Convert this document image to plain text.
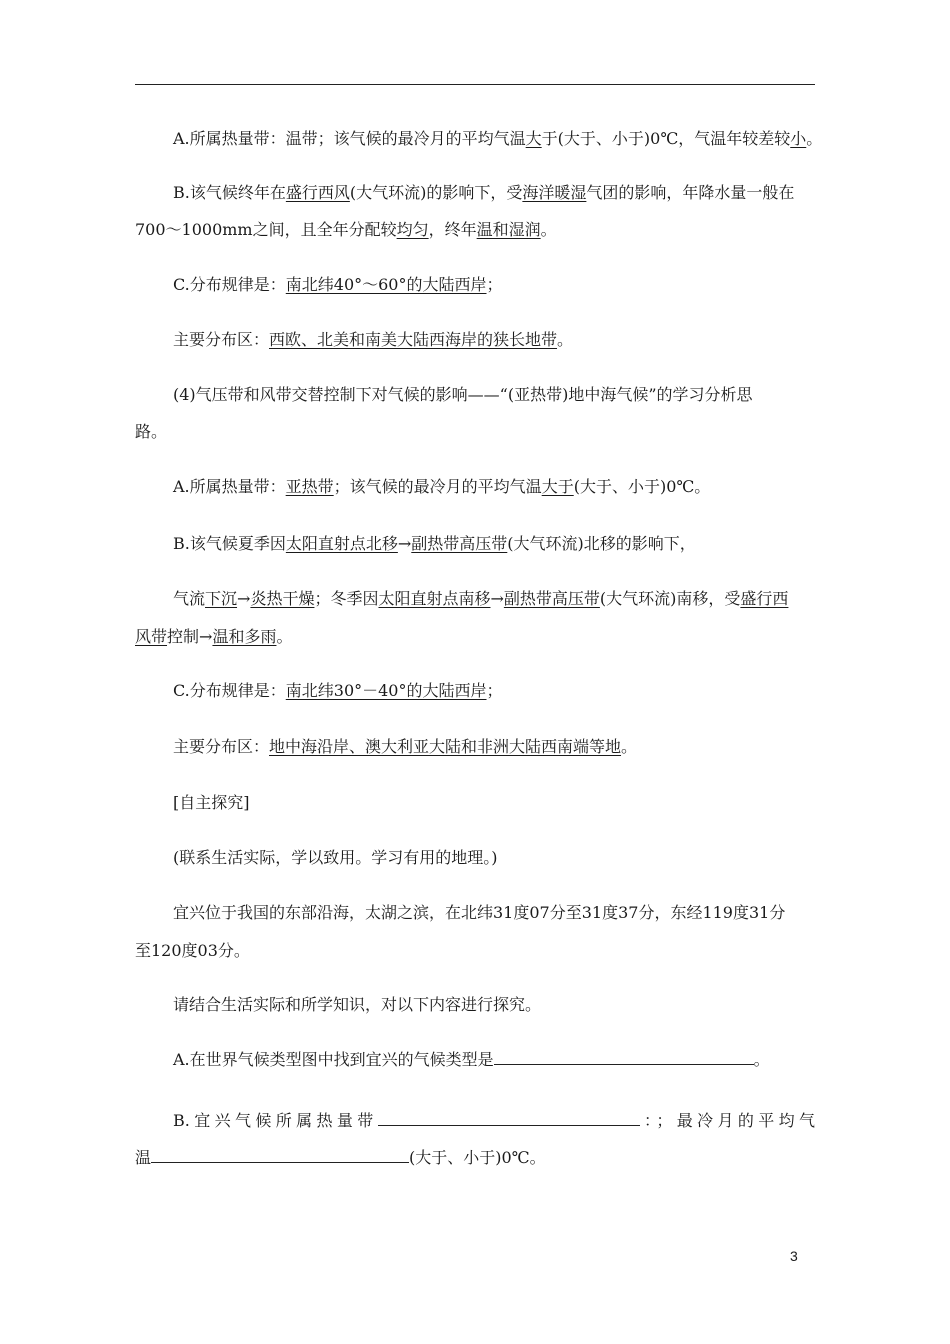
A.所属热量带：温带；该气候的最冷月的平均气温大于(大于、小于)0℃，气温年较差较小。
B.该气候终年在盛行西风(大气环流)的影响下，受海洋暖湿气团的影响，年降水量一般在
700～1000mm之间，且全年分配较均匀，终年温和湿润。
C.分布规律是：南北纬40°～60°的大陆西岸；
主要分布区：西欧、北美和南美大陆西海岸的狭长地带。
(4)气压带和风带交替控制下对气候的影响——“(亚热带)地中海气候”的学习分析思
路。
A.所属热量带：亚热带；该气候的最冷月的平均气温大于(大于、小于)0℃。
B.该气候夏季因太阳直射点北移→副热带高压带(大气环流)北移的影响下，
气流下沉→炎热干燥；冬季因太阳直射点南移→副热带高压带(大气环流)南移，受盛行西
风带控制→温和多雨。
C.分布规律是：南北纬30°－40°的大陆西岸；
主要分布区：地中海沿岸、澳大利亚大陆和非洲大陆西南端等地。
[自主探究]
(联系生活实际，学以致用。学习有用的地理。)
宜兴位于我国的东部沿海，太湖之滨，在北纬31度07分至31度37分，东经119度31分
至120度03分。
请结合生活实际和所学知识，对以下内容进行探究。
A.在世界气候类型图中找到宜兴的气候类型是	。
B.宜兴气候所属热量带	：；最冷月的平均气
温	(大于、小于)0℃。
3
